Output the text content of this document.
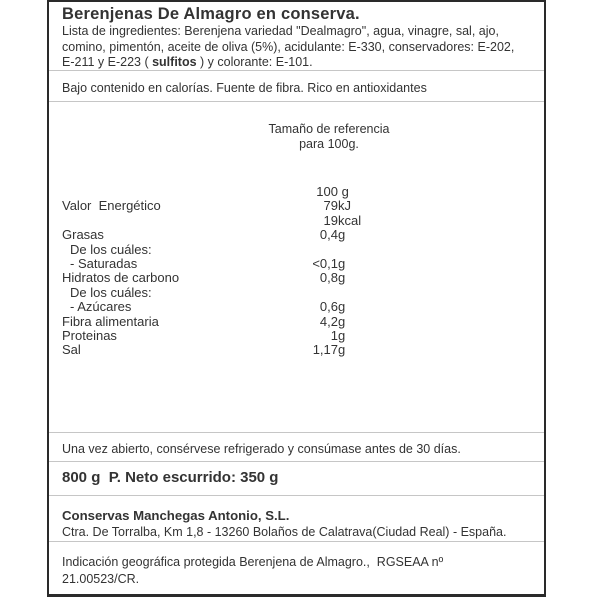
Berenjenas De Almagro en conserva.
Lista de ingredientes: Berenjena variedad "Dealmagro", agua, vinagre, sal, ajo,
comino, pimentón, aceite de oliva (5%), acidulante: E-330, conservadores: E-202,
E-211 y E-223 ( sulfitos ) y colorante: E-101.
Bajo contenido en calorías. Fuente de fibra. Rico en antioxidantes
Tamaño de referencia
para 100g.
100 g
Valor  Energético	79 kJ
19 kcal
Grasas	0,4 g
De los cuáles:
- Saturadas	<0,1 g
Hidratos de carbono	0,8 g
De los cuáles:
- Azúcares	0,6 g
Fibra alimentaria	4,2 g
Proteinas	1 g
Sal	1,17 g
Una vez abierto, consérvese refrigerado y consúmase antes de 30 días.
800 g  P. Neto escurrido: 350 g
Conservas Manchegas Antonio, S.L.
Ctra. De Torralba, Km 1,8 - 13260 Bolaños de Calatrava(Ciudad Real) - España.
Indicación geográfica protegida Berenjena de Almagro.,  RGSEAA nº
21.00523/CR.
